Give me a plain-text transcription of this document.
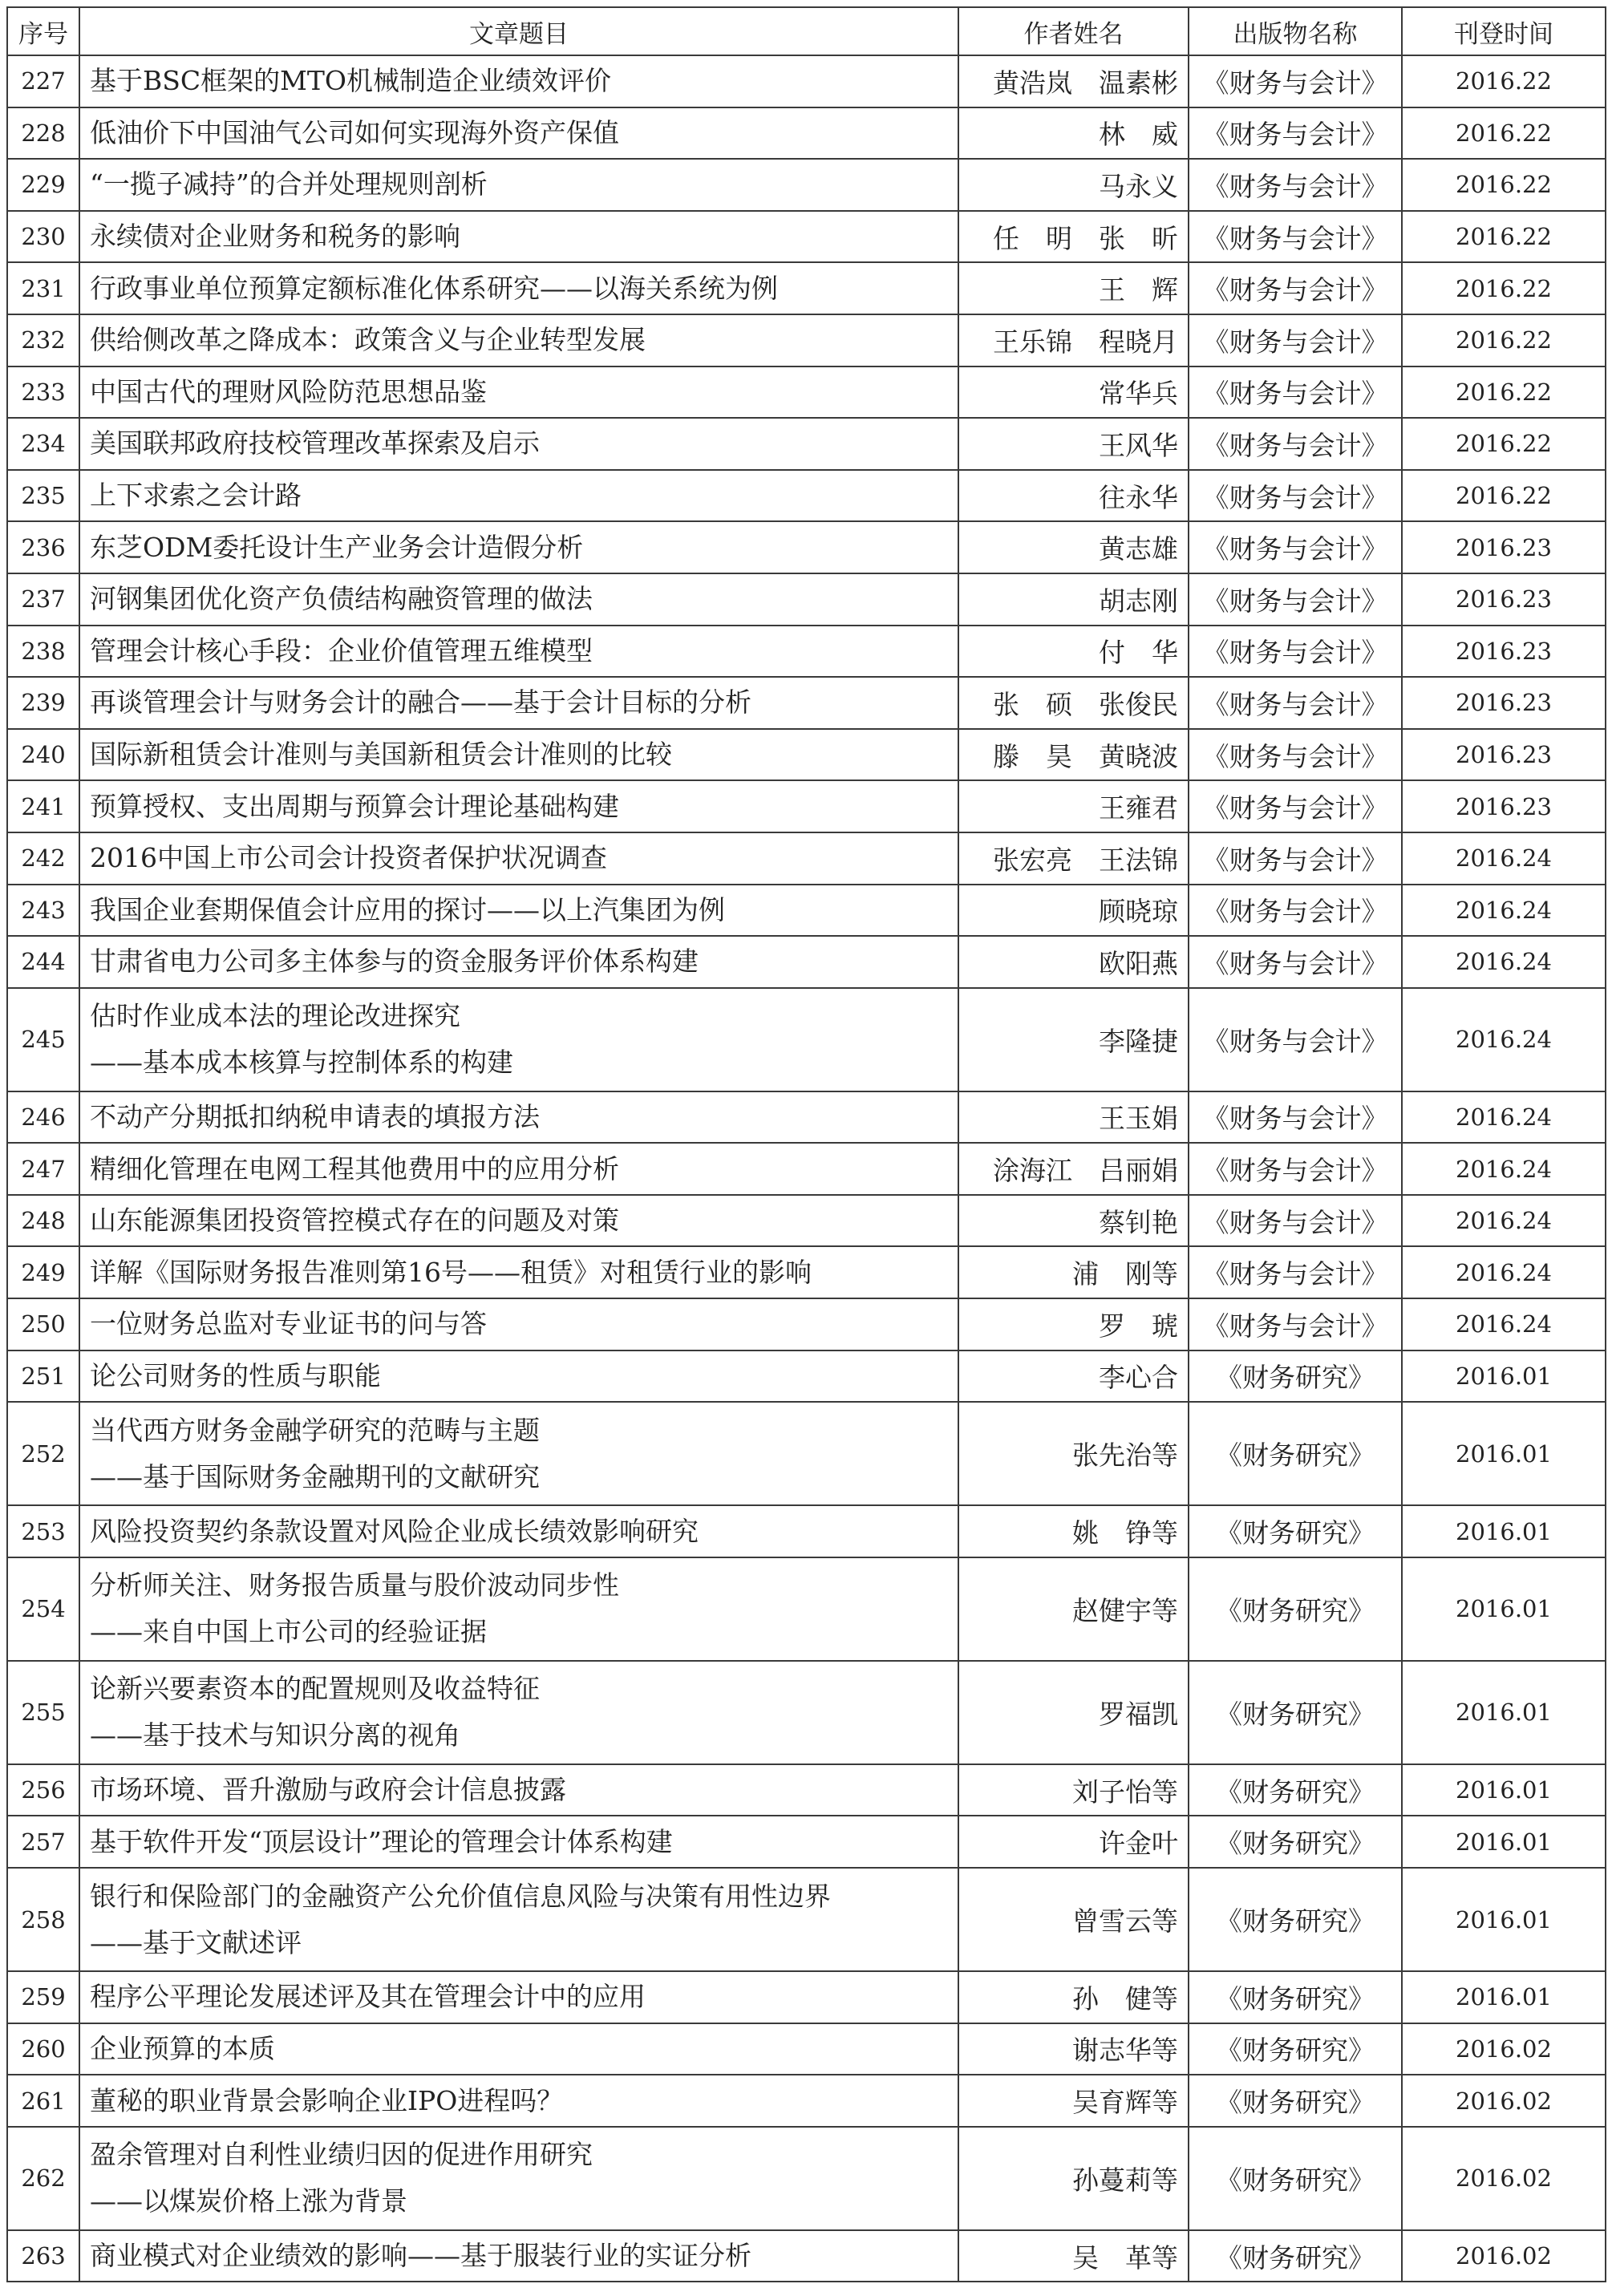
序号	文章题目	作者姓名	出版物名称	刊登时间
227	基于BSC框架的MTO机械制造企业绩效评价	黄浩岚　温素彬	《财务与会计》	2016.22
228	低油价下中国油气公司如何实现海外资产保值	林　威	《财务与会计》	2016.22
229	“一揽子减持”的合并处理规则剖析	马永义	《财务与会计》	2016.22
230	永续债对企业财务和税务的影响	任　明　张　昕	《财务与会计》	2016.22
231	行政事业单位预算定额标准化体系研究——以海关系统为例	王　辉	《财务与会计》	2016.22
232	供给侧改革之降成本：政策含义与企业转型发展	王乐锦　程晓月	《财务与会计》	2016.22
233	中国古代的理财风险防范思想品鉴	常华兵	《财务与会计》	2016.22
234	美国联邦政府技校管理改革探索及启示	王风华	《财务与会计》	2016.22
235	上下求索之会计路	往永华	《财务与会计》	2016.22
236	东芝ODM委托设计生产业务会计造假分析	黄志雄	《财务与会计》	2016.23
237	河钢集团优化资产负债结构融资管理的做法	胡志刚	《财务与会计》	2016.23
238	管理会计核心手段：企业价值管理五维模型	付　华	《财务与会计》	2016.23
239	再谈管理会计与财务会计的融合——基于会计目标的分析	张　硕　张俊民	《财务与会计》	2016.23
240	国际新租赁会计准则与美国新租赁会计准则的比较	滕　昊　黄晓波	《财务与会计》	2016.23
241	预算授权、支出周期与预算会计理论基础构建	王雍君	《财务与会计》	2016.23
242	2016中国上市公司会计投资者保护状况调查	张宏亮　王法锦	《财务与会计》	2016.24
243	我国企业套期保值会计应用的探讨——以上汽集团为例	顾晓琼	《财务与会计》	2016.24
244	甘肃省电力公司多主体参与的资金服务评价体系构建	欧阳燕	《财务与会计》	2016.24
245	估时作业成本法的理论改进探究
——基本成本核算与控制体系的构建	李隆捷	《财务与会计》	2016.24
246	不动产分期抵扣纳税申请表的填报方法	王玉娟	《财务与会计》	2016.24
247	精细化管理在电网工程其他费用中的应用分析	涂海江　吕丽娟	《财务与会计》	2016.24
248	山东能源集团投资管控模式存在的问题及对策	蔡钊艳	《财务与会计》	2016.24
249	详解《国际财务报告准则第16号——租赁》对租赁行业的影响	浦　刚等	《财务与会计》	2016.24
250	一位财务总监对专业证书的问与答	罗　琥	《财务与会计》	2016.24
251	论公司财务的性质与职能	李心合	《财务研究》	2016.01
252	当代西方财务金融学研究的范畴与主题
——基于国际财务金融期刊的文献研究	张先治等	《财务研究》	2016.01
253	风险投资契约条款设置对风险企业成长绩效影响研究	姚　铮等	《财务研究》	2016.01
254	分析师关注、财务报告质量与股价波动同步性
——来自中国上市公司的经验证据	赵健宇等	《财务研究》	2016.01
255	论新兴要素资本的配置规则及收益特征
——基于技术与知识分离的视角	罗福凯	《财务研究》	2016.01
256	市场环境、晋升激励与政府会计信息披露	刘子怡等	《财务研究》	2016.01
257	基于软件开发“顶层设计”理论的管理会计体系构建	许金叶	《财务研究》	2016.01
258	银行和保险部门的金融资产公允价值信息风险与决策有用性边界
——基于文献述评	曾雪云等	《财务研究》	2016.01
259	程序公平理论发展述评及其在管理会计中的应用	孙　健等	《财务研究》	2016.01
260	企业预算的本质	谢志华等	《财务研究》	2016.02
261	董秘的职业背景会影响企业IPO进程吗？	吴育辉等	《财务研究》	2016.02
262	盈余管理对自利性业绩归因的促进作用研究
——以煤炭价格上涨为背景	孙蔓莉等	《财务研究》	2016.02
263	商业模式对企业绩效的影响——基于服装行业的实证分析	吴　革等	《财务研究》	2016.02
